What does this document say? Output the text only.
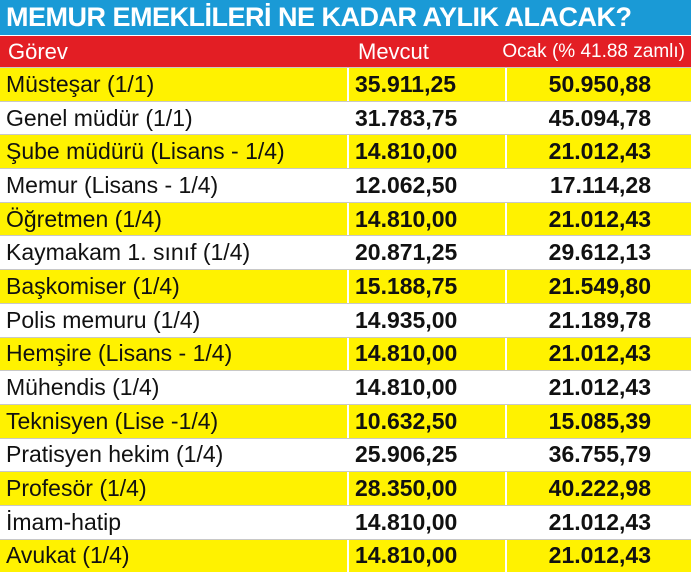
MEMUR EMEKLİLERİ NE KADAR AYLIK ALACAK?
Görev	Mevcut	Ocak (% 41.88 zamlı)
Müsteşar (1/1)	35.911,25	50.950,88
Genel müdür (1/1)	31.783,75	45.094,78
Şube müdürü (Lisans - 1/4)	14.810,00	21.012,43
Memur (Lisans - 1/4)	12.062,50	17.114,28
Öğretmen (1/4)	14.810,00	21.012,43
Kaymakam 1. sınıf (1/4)	20.871,25	29.612,13
Başkomiser (1/4)	15.188,75	21.549,80
Polis memuru (1/4)	14.935,00	21.189,78
Hemşire (Lisans - 1/4)	14.810,00	21.012,43
Mühendis (1/4)	14.810,00	21.012,43
Teknisyen (Lise -1/4)	10.632,50	15.085,39
Pratisyen hekim (1/4)	25.906,25	36.755,79
Profesör (1/4)	28.350,00	40.222,98
İmam-hatip	14.810,00	21.012,43
Avukat (1/4)	14.810,00	21.012,43
